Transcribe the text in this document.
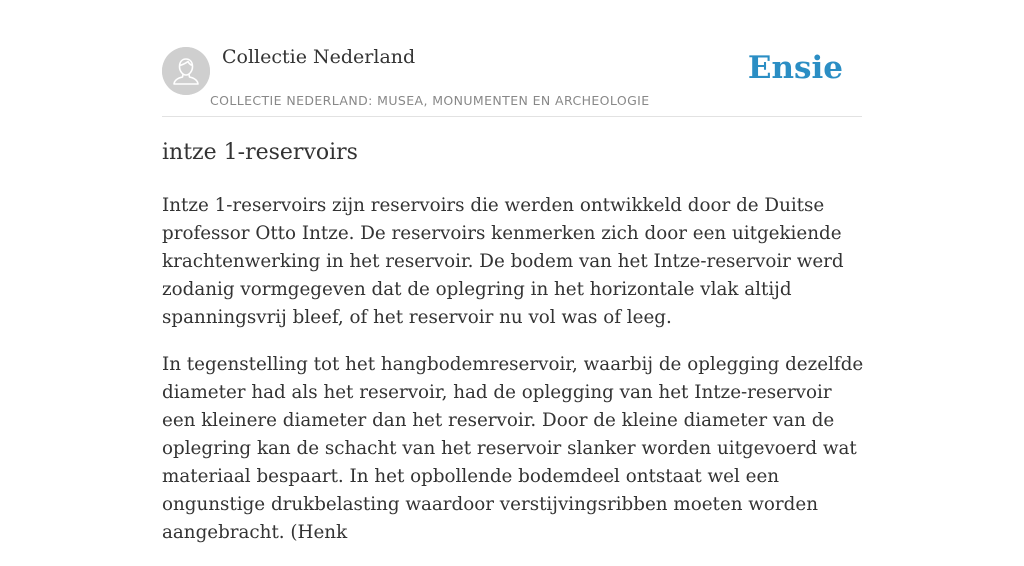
Collectie Nederland
COLLECTIE NEDERLAND: MUSEA, MONUMENTEN EN ARCHEOLOGIE
Ensie
intze 1-reservoirs

Intze 1-reservoirs zijn reservoirs die werden ontwikkeld door de Duitse professor Otto Intze. De reservoirs kenmerken zich door een uitgekiende krachtenwerking in het reservoir. De bodem van het Intze-reservoir werd zodanig vormgegeven dat de oplegring in het horizontale vlak altijd spanningsvrij bleef, of het reservoir nu vol was of leeg.

In tegenstelling tot het hangbodemreservoir, waarbij de oplegging dezelfde diameter had als het reservoir, had de oplegging van het Intze-reservoir een kleinere diameter dan het reservoir. Door de kleine diameter van de oplegring kan de schacht van het reservoir slanker worden uitgevoerd wat materiaal bespaart. In het opbollende bodemdeel ontstaat wel een ongunstige drukbelasting waardoor verstijvingsribben moeten worden aangebracht. (Henk
